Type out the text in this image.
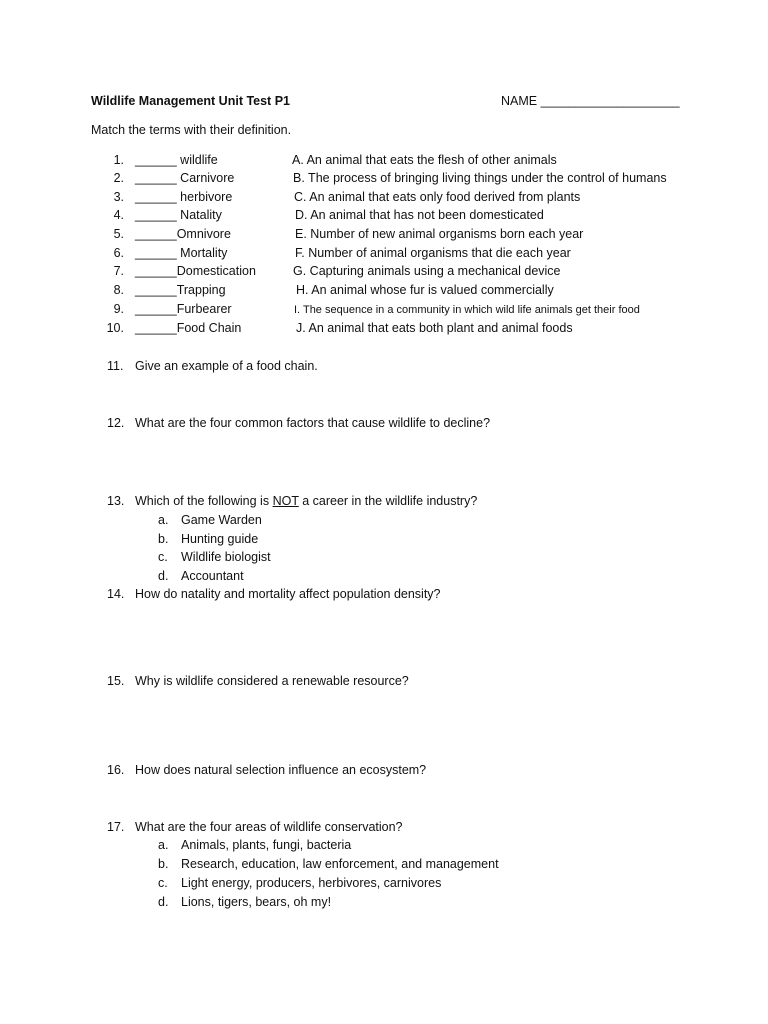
Wildlife Management Unit Test P1	NAME ____________________
Match the terms with their definition.
1. ______ wildlife
2. ______ Carnivore
3. ______ herbivore
4. ______ Natality
5. ______Omnivore
6. ______ Mortality
7. ______Domestication
8. ______Trapping
9. ______Furbearer
10. ______Food Chain
A. An animal that eats the flesh of other animals
B. The process of bringing living things under the control of humans
C. An animal that eats only food derived from plants
D. An animal that has not been domesticated
E. Number of new animal organisms born each year
F. Number of animal organisms that die each year
G. Capturing animals using a mechanical device
H. An animal whose fur is valued commercially
I. The sequence in a community in which wild life animals get their food
J. An animal that eats both plant and animal foods
11. Give an example of a food chain.
12. What are the four common factors that cause wildlife to decline?
13. Which of the following is NOT a career in the wildlife industry?
a. Game Warden
b. Hunting guide
c. Wildlife biologist
d. Accountant
14. How do natality and mortality affect population density?
15. Why is wildlife considered a renewable resource?
16. How does natural selection influence an ecosystem?
17. What are the four areas of wildlife conservation?
a. Animals, plants, fungi, bacteria
b. Research, education, law enforcement, and management
c. Light energy, producers, herbivores, carnivores
d. Lions, tigers, bears, oh my!
